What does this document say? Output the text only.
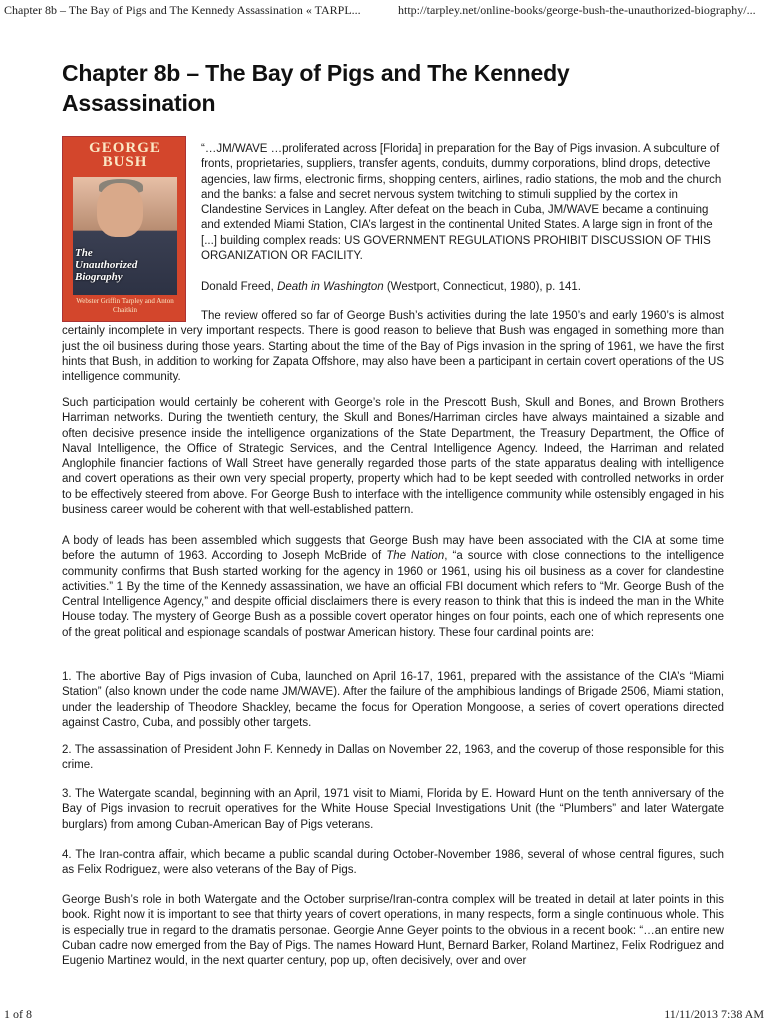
Chapter 8b – The Bay of Pigs and The Kennedy Assassination « TARPL...	http://tarpley.net/online-books/george-bush-the-unauthorized-biography/...
Chapter 8b – The Bay of Pigs and The Kennedy Assassination
GEORGE
BUSH
The Unauthorized Biography
Webster Griffin Tarpley and Anton Chaitkin

“…JM/WAVE …proliferated across [Florida] in preparation for the Bay of Pigs invasion. A subculture of fronts, proprietaries, suppliers, transfer agents, conduits, dummy corporations, blind drops, detective agencies, law firms, electronic firms, shopping centers, airlines, radio stations, the mob and the church and the banks: a false and secret nervous system twitching to stimuli supplied by the cortex in Clandestine Services in Langley. After defeat on the beach in Cuba, JM/WAVE became a continuing and extended Miami Station, CIA’s largest in the continental United States. A large sign in front of the [...] building complex reads: US GOVERNMENT REGULATIONS PROHIBIT DISCUSSION OF THIS ORGANIZATION OR FACILITY.

Donald Freed, Death in Washington (Westport, Connecticut, 1980), p. 141.

The review offered so far of George Bush’s activities during the late 1950’s and early 1960’s is almost certainly incomplete in very important respects. There is good reason to believe that Bush was engaged in something more than just the oil business during those years. Starting about the time of the Bay of Pigs invasion in the spring of 1961, we have the first hints that Bush, in addition to working for Zapata Offshore, may also have been a participant in certain covert operations of the US intelligence community.

Such participation would certainly be coherent with George’s role in the Prescott Bush, Skull and Bones, and Brown Brothers Harriman networks. During the twentieth century, the Skull and Bones/Harriman circles have always maintained a sizable and often decisive presence inside the intelligence organizations of the State Department, the Treasury Department, the Office of Naval Intelligence, the Office of Strategic Services, and the Central Intelligence Agency. Indeed, the Harriman and related Anglophile financier factions of Wall Street have generally regarded those parts of the state apparatus dealing with intelligence and covert operations as their own very special property, property which had to be kept seeded with controlled networks in order to be effectively steered from above. For George Bush to interface with the intelligence community while ostensibly engaged in his business career would be coherent with that well-established pattern.

A body of leads has been assembled which suggests that George Bush may have been associated with the CIA at some time before the autumn of 1963. According to Joseph McBride of The Nation, “a source with close connections to the intelligence community confirms that Bush started working for the agency in 1960 or 1961, using his oil business as a cover for clandestine activities.” 1 By the time of the Kennedy assassination, we have an official FBI document which refers to “Mr. George Bush of the Central Intelligence Agency,” and despite official disclaimers there is every reason to think that this is indeed the man in the White House today. The mystery of George Bush as a possible covert operator hinges on four points, each one of which represents one of the great political and espionage scandals of postwar American history. These four cardinal points are:

1. The abortive Bay of Pigs invasion of Cuba, launched on April 16-17, 1961, prepared with the assistance of the CIA’s “Miami Station” (also known under the code name JM/WAVE). After the failure of the amphibious landings of Brigade 2506, Miami station, under the leadership of Theodore Shackley, became the focus for Operation Mongoose, a series of covert operations directed against Castro, Cuba, and possibly other targets.

2. The assassination of President John F. Kennedy in Dallas on November 22, 1963, and the coverup of those responsible for this crime.

3. The Watergate scandal, beginning with an April, 1971 visit to Miami, Florida by E. Howard Hunt on the tenth anniversary of the Bay of Pigs invasion to recruit operatives for the White House Special Investigations Unit (the “Plumbers” and later Watergate burglars) from among Cuban-American Bay of Pigs veterans.

4. The Iran-contra affair, which became a public scandal during October-November 1986, several of whose central figures, such as Felix Rodriguez, were also veterans of the Bay of Pigs.

George Bush’s role in both Watergate and the October surprise/Iran-contra complex will be treated in detail at later points in this book. Right now it is important to see that thirty years of covert operations, in many respects, form a single continuous whole. This is especially true in regard to the dramatis personae. Georgie Anne Geyer points to the obvious in a recent book: “…an entire new Cuban cadre now emerged from the Bay of Pigs. The names Howard Hunt, Bernard Barker, Roland Martinez, Felix Rodriguez and Eugenio Martinez would, in the next quarter century, pop up, often decisively, over and over

1 of 8	11/11/2013 7:38 AM
